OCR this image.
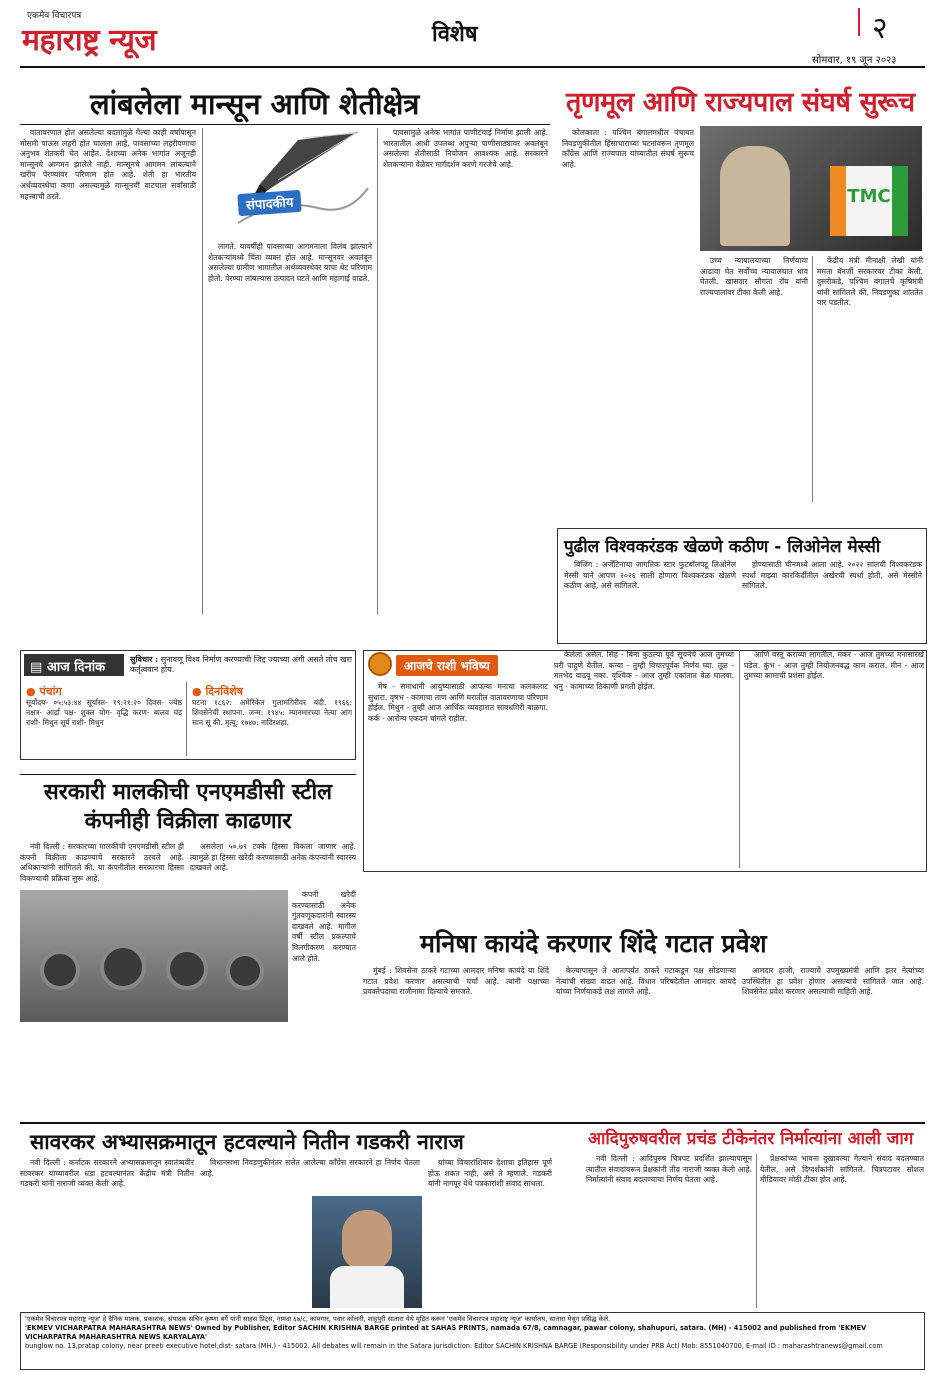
एकमेव विचारपत्र
महाराष्ट्र न्यूज	विशेष	२
सोमवार, १९ जून २०२३
लांबलेला मान्सून आणि शेतीक्षेत्र

वातावरणात होत असलेल्या बदलांमुळे गेल्या काही वर्षांपासून मोसमी पाऊस लहरी होत चालला आहे. पावसाच्या लहरीपणाचा अनुभव शेतकरी घेत आहेत. देशाच्या अनेक भागांत अजूनही मान्सूनचे आगमन झालेले नाही. मान्सूनचे आगमन लांबल्याने खरीप पेरण्यांवर परिणाम होत आहे. शेती हा भारतीय अर्थव्यवस्थेचा कणा असल्यामुळे मान्सूनची वाटचाल सर्वांसाठी महत्त्वाची ठरते.	संपादकीय

लागते. यावर्षीही पावसाच्या आगमनाला विलंब झाल्याने शेतकऱ्यांमध्ये चिंता व्यक्त होत आहे. मान्सूनवर अवलंबून असलेल्या ग्रामीण भागातील अर्थव्यवस्थेवर याचा थेट परिणाम होतो. पेरण्या लांबल्यास उत्पादन घटते आणि महागाई वाढते.

पावसामुळे अनेक भागांत पाणीटंचाई निर्माण झाली आहे. भारतातील आधी उपलब्ध अपुऱ्या पाणीसाठ्यावर अवलंबून असलेल्या शेतीसाठी नियोजन आवश्यक आहे. सरकारने शेतकऱ्यांना वेळेवर मार्गदर्शन करणे गरजेचे आहे.

तृणमूल आणि राज्यपाल संघर्ष सुरूच

कोलकाता : पश्चिम बंगालमधील पंचायत निवडणुकीतील हिंसाचाराच्या घटनांवरून तृणमूल काँग्रेस आणि राज्यपाल यांच्यातील संघर्ष सुरूच आहे.

TMC

उच्च न्यायालयाच्या निर्णयाचा आढावा घेत सर्वोच्च न्यायालयात धाव घेतली. खासदार सौगता रॉय यांनी राज्यपालांवर टीका केली आहे.

केंद्रीय मंत्री मीनाक्षी लेखी यांनी ममता बॅनर्जी सरकारवर टीका केली. दुसरीकडे, पश्चिम बंगालचे कृषिमंत्री यांनी सांगितले की, निवडणुका शांततेत पार पडतील.

पुढील विश्वकरंडक खेळणे कठीण - लिओनेल मेस्सी

बिजिंग : अर्जेंटिनाचा जागतिक स्टार फुटबॉलपटू लिओनेल मेस्सी याने आपण २०२६ साली होणारा विश्वकरंडक खेळणे कठीण आहे, असे सांगितले.

होण्यासाठी चीनमध्ये आला आहे. २०२२ सालची विश्वकरंडक स्पर्धा माझ्या कारकिर्दीतील अखेरची स्पर्धा होती, असे मेस्सीने सांगितले.

▤ आज दिनांक
सुविचार : सुनावणू विश्व निर्माण करण्याची जिद्द ज्याच्या अंगी असते तोच खरा कर्तृत्ववान होय.
● पंचांग
सूर्योदय- ०५:५३:४४ सूर्यास्त- १९:२१:२० दिवस- ज्येष्ठ नक्षत्र- आर्द्रा पक्ष- शुक्ल योग- वृद्धि करण- बालव चंद्र राशी- मिथुन सूर्य राशी- मिथुन
● दिनविशेष
घटना १८६२: अमेरिकेत गुलामगिरीवर बंदी. १९६६: शिवसेनेची स्थापना. जन्म: १९४५: म्यानमारच्या नेत्या आंग सान सू की. मृत्यू: १७४७: नादिरशहा.
आजचे राशी भविष्य

मेष - समाधानी आयुष्यासाठी आपल्या मनाचा कलकलाट सुधारा. वृषभ - कामाचा ताण आणि घरातील वातावरणाचा परिणाम होईल. मिथुन - तुम्ही आज आर्थिक व्यवहारात सावधगिरी बाळगा. कर्क - आरोग्य एकदम चांगले राहील.

केलेला असेल. सिंह - बिना कुठल्या पूर्व सूचनेचे आज तुमच्या घरी पाहुणे येतील. कन्या - तुम्ही विचारपूर्वक निर्णय घ्या. तूळ - मतभेद वाढवू नका. वृश्चिक - आज तुम्ही एकांतात वेळ घालवा. धनु - कामाच्या ठिकाणी प्रगती होईल.

आणि वस्तू कराव्या लागतील. मकर - आज तुमच्या मनासारखे घडेल. कुंभ - आज तुम्ही नियोजनबद्ध काम कराल. मीन - आज तुमच्या कामाची प्रशंसा होईल.

सरकारी मालकीची एनएमडीसी स्टील
कंपनीही विक्रीला काढणार

नवी दिल्ली : सरकारच्या मालकीची एनएमडीसी स्टील ही कंपनी विक्रीला काढण्याचे सरकारने ठरवले आहे. अधिकाऱ्यांनी सांगितले की, या कंपनीतील सरकारचा हिस्सा विकण्याची प्रक्रिया सुरू आहे.

असलेला ५०.७९ टक्के हिस्सा विकला जाणार आहे. त्यामुळे हा हिस्सा खरेदी करण्यासाठी अनेक कंपन्यांनी स्वारस्य दाखवले आहे.

कंपनी खरेदी करण्यासाठी अनेक गुंतवणूकदारांनी स्वारस्य दाखवले आहे. मागील वर्षी स्टील प्रकल्पाचे विलगीकरण करण्यात आले होते.

मनिषा कायंदे करणार शिंदे गटात प्रवेश

मुंबई : शिवसेना ठाकरे गटाच्या आमदार मनिषा कायंदे या शिंदे गटात प्रवेश करणार असल्याची चर्चा आहे. त्यांनी पक्षाच्या प्रवक्तेपदाचा राजीनामा दिल्याचे समजते.

केल्यापासून ते आतापर्यंत ठाकरे गटाकडून पक्ष सोडणाऱ्या नेत्यांची संख्या वाढत आहे. विधान परिषदेतील आमदार कायंदे यांच्या निर्णयाकडे लक्ष लागले आहे.

आमदार हाजी, राज्याचे उपमुख्यमंत्री आणि इतर नेत्यांच्या उपस्थितीत हा प्रवेश होणार असल्याचे सांगितले जात आहे. शिवसेनेत प्रवेश करणार असल्याची माहिती आहे.

सावरकर अभ्यासक्रमातून हटवल्याने नितीन गडकरी नाराज

नवी दिल्ली : कर्नाटक सरकारने अभ्यासक्रमातून स्वातंत्र्यवीर सावरकर यांच्यावरील धडा हटवल्यानंतर केंद्रीय मंत्री नितीन गडकरी यांनी नाराजी व्यक्त केली आहे.

विधानसभा निवडणुकीनंतर सत्तेत आलेल्या काँग्रेस सरकारने हा निर्णय घेतला आहे.

यांच्या विचारांशिवाय देशाचा इतिहास पूर्ण होऊ शकत नाही, असे ते म्हणाले. गडकरी यांनी नागपूर येथे पत्रकारांशी संवाद साधला.

आदिपुरुषवरील प्रचंड टीकेनंतर निर्मात्यांना आली जाग

नवी दिल्ली : आदिपुरुष चित्रपट प्रदर्शित झाल्यापासून त्यातील संवादांवरून प्रेक्षकांनी तीव्र नाराजी व्यक्त केली आहे. निर्मात्यांनी संवाद बदलण्याचा निर्णय घेतला आहे.

प्रेक्षकांच्या भावना दुखावल्या गेल्याने संवाद बदलण्यात येतील, असे दिग्दर्शकांनी सांगितले. चित्रपटावर सोशल मीडियावर मोठी टीका होत आहे.

'एकमेव विचारपत्र महाराष्ट्र न्यूज' हे दैनिक मालक, प्रकाशक, संपादक सचिन कृष्णा बर्गे यांनी साहस प्रिंट्स, नामदा ६७/८, कामगार, पवार कॉलनी, शाहूपुरी सातारा येथे मुद्रित करून 'एकमेव विचारपत्र महाराष्ट्र न्यूज' कार्यालय, सातारा येथून प्रसिद्ध केले.
'EKMEV VICHARPATRA MAHARASHTRA NEWS' Owned by Publisher, Editor SACHIN KRISHNA BARGE printed at SAHAS PRINTS, namada 67/8, camnagar, pawar colony, shahupuri, satara. (MH) - 415002 and published from 'EKMEV VICHARPATRA MAHARASHTRA NEWS KARYALAYA'
bunglow no. 13,pratap colony, near preeti executive hotel,dist- satara (MH.) - 415002. All debates will remain in the Satara jurisdiction. Editor SACHIN KRISHNA BARGE (Responsibility under PRB Act) Mob: 8551040700, E-mail ID : maharashtranews@gmail.com
